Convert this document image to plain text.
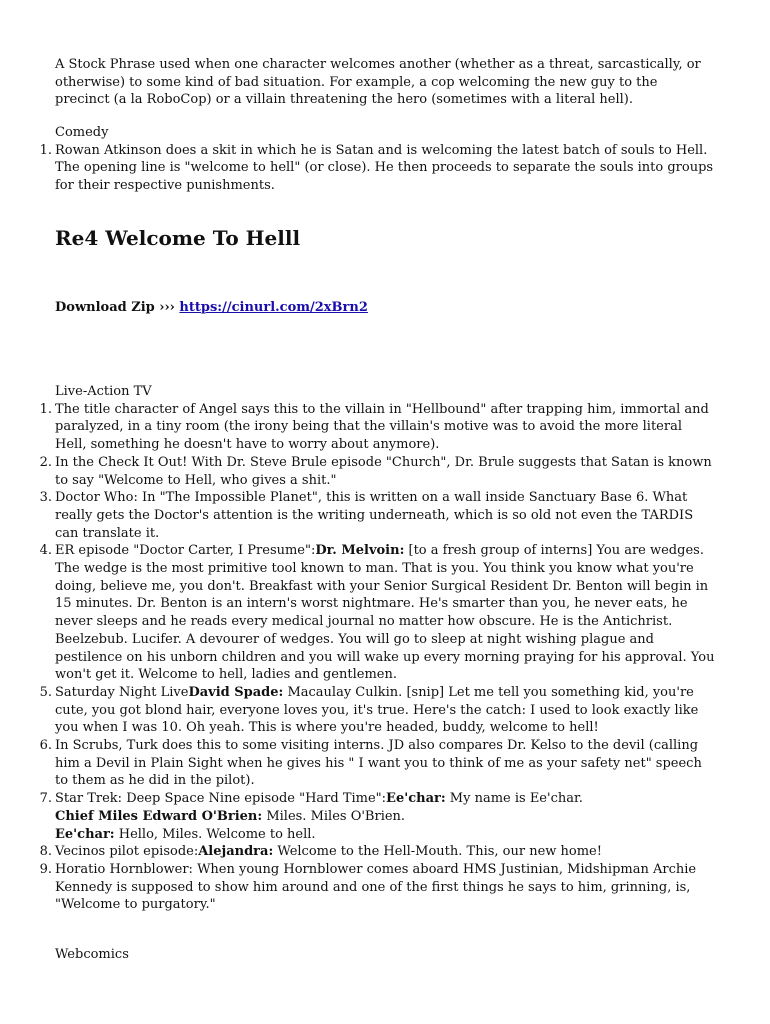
A Stock Phrase used when one character welcomes another (whether as a threat, sarcastically, or otherwise) to some kind of bad situation. For example, a cop welcoming the new guy to the precinct (a la RoboCop) or a villain threatening the hero (sometimes with a literal hell).

Comedy

1. Rowan Atkinson does a skit in which he is Satan and is welcoming the latest batch of souls to Hell. The opening line is "welcome to hell" (or close). He then proceeds to separate the souls into groups for their respective punishments.
Re4 Welcome To Helll

Download Zip ››› https://cinurl.com/2xBrn2

Live-Action TV

1. The title character of Angel says this to the villain in "Hellbound" after trapping him, immortal and paralyzed, in a tiny room (the irony being that the villain's motive was to avoid the more literal Hell, something he doesn't have to worry about anymore).
2. In the Check It Out! With Dr. Steve Brule episode "Church", Dr. Brule suggests that Satan is known to say "Welcome to Hell, who gives a shit."
3. Doctor Who: In "The Impossible Planet", this is written on a wall inside Sanctuary Base 6. What really gets the Doctor's attention is the writing underneath, which is so old not even the TARDIS can translate it.
4. ER episode "Doctor Carter, I Presume":Dr. Melvoin: [to a fresh group of interns] You are wedges. The wedge is the most primitive tool known to man. That is you. You think you know what you're doing, believe me, you don't. Breakfast with your Senior Surgical Resident Dr. Benton will begin in 15 minutes. Dr. Benton is an intern's worst nightmare. He's smarter than you, he never eats, he never sleeps and he reads every medical journal no matter how obscure. He is the Antichrist. Beelzebub. Lucifer. A devourer of wedges. You will go to sleep at night wishing plague and pestilence on his unborn children and you will wake up every morning praying for his approval. You won't get it. Welcome to hell, ladies and gentlemen.
5. Saturday Night LiveDavid Spade: Macaulay Culkin. [snip] Let me tell you something kid, you're cute, you got blond hair, everyone loves you, it's true. Here's the catch: I used to look exactly like you when I was 10. Oh yeah. This is where you're headed, buddy, welcome to hell!
6. In Scrubs, Turk does this to some visiting interns. JD also compares Dr. Kelso to the devil (calling him a Devil in Plain Sight when he gives his " I want you to think of me as your safety net" speech to them as he did in the pilot).
7. Star Trek: Deep Space Nine episode "Hard Time":Ee'char: My name is Ee'char.
Chief Miles Edward O'Brien: Miles. Miles O'Brien.
Ee'char: Hello, Miles. Welcome to hell.
8. Vecinos pilot episode:Alejandra: Welcome to the Hell-Mouth. This, our new home!
9. Horatio Hornblower: When young Hornblower comes aboard HMS Justinian, Midshipman Archie Kennedy is supposed to show him around and one of the first things he says to him, grinning, is, "Welcome to purgatory."

Webcomics
